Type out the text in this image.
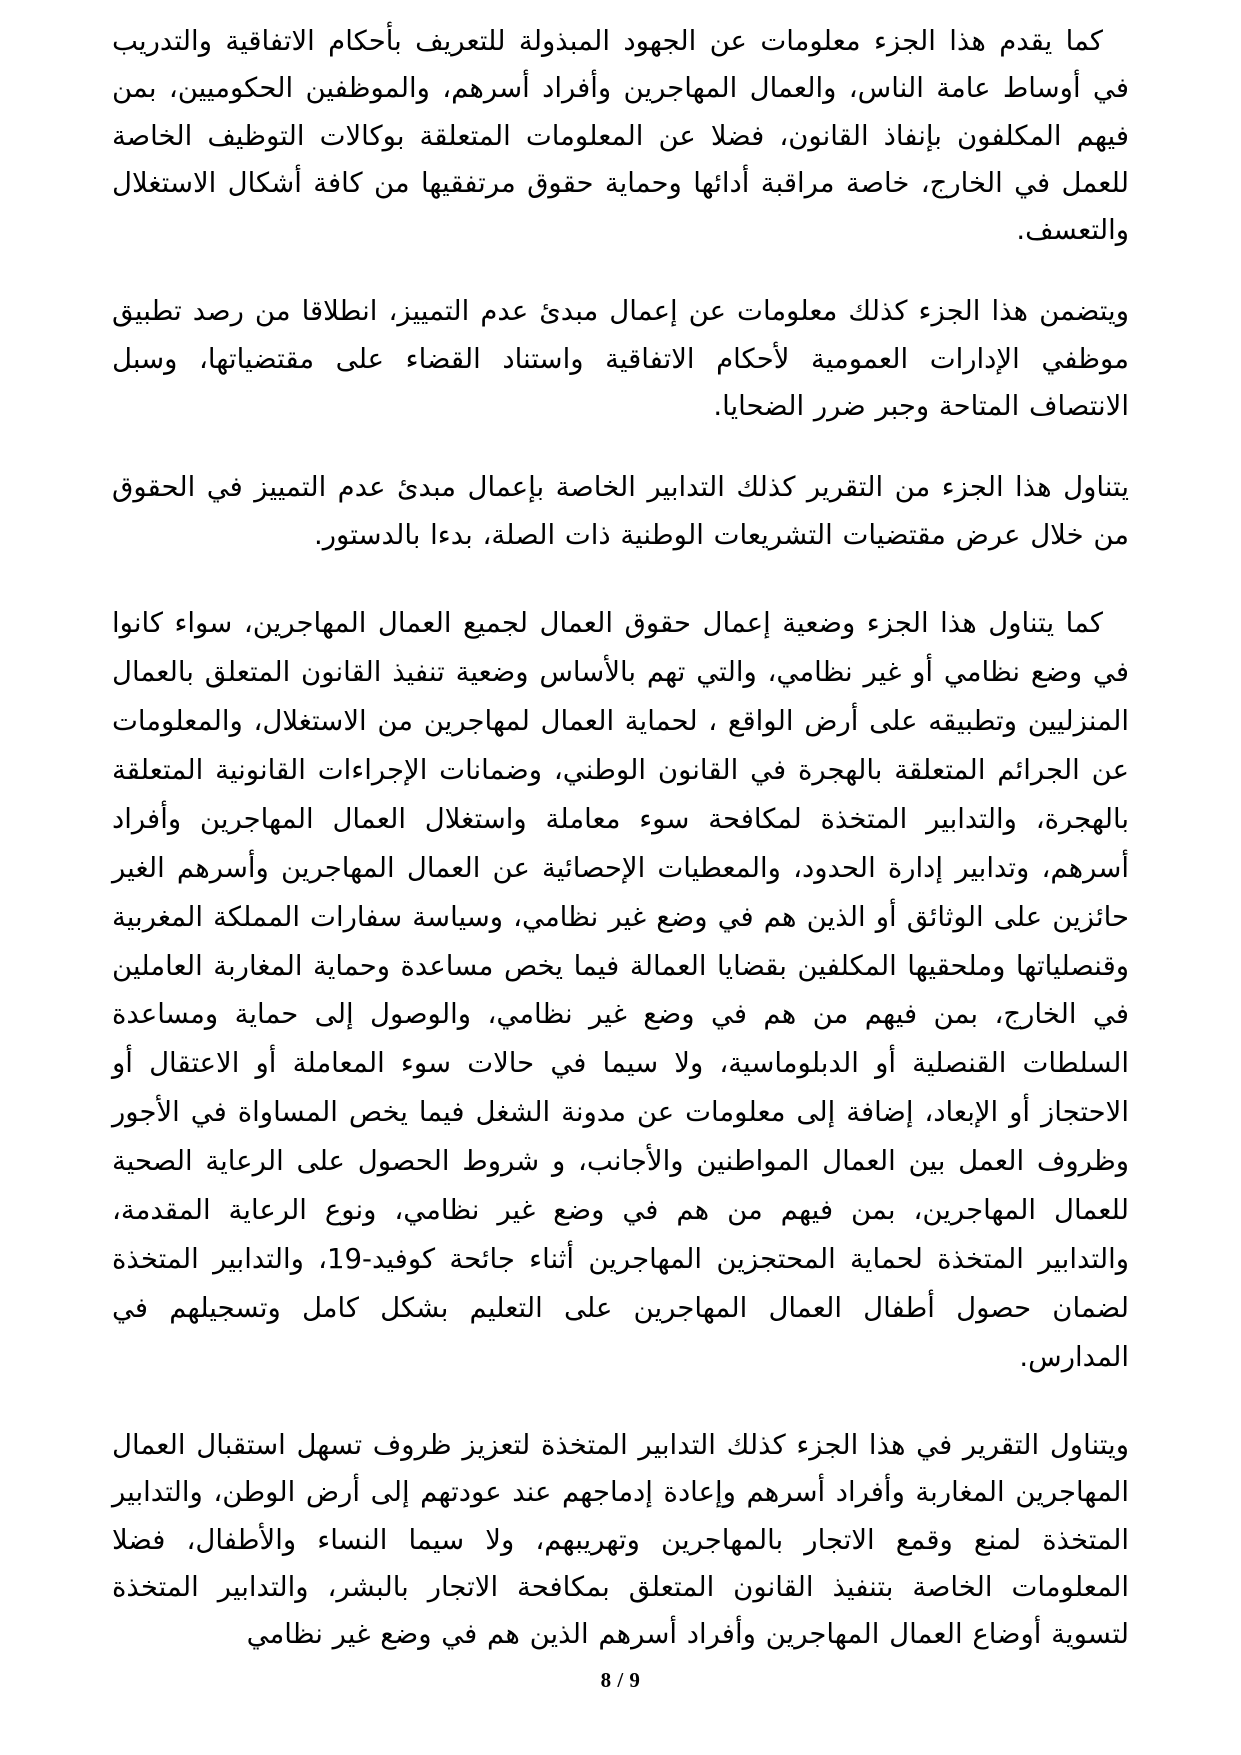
كما يقدم هذا الجزء معلومات عن الجهود المبذولة للتعريف بأحكام الاتفاقية والتدريب في أوساط عامة الناس، والعمال المهاجرين وأفراد أسرهم، والموظفين الحكوميين، بمن فيهم المكلفون بإنفاذ القانون، فضلا عن المعلومات المتعلقة بوكالات التوظيف الخاصة للعمل في الخارج، خاصة مراقبة أدائها وحماية حقوق مرتفقيها من كافة أشكال الاستغلال والتعسف.

ويتضمن هذا الجزء كذلك معلومات عن إعمال مبدئ عدم التمييز، انطلاقا من رصد تطبيق موظفي الإدارات العمومية لأحكام الاتفاقية واستناد القضاء على مقتضياتها، وسبل الانتصاف المتاحة وجبر ضرر الضحايا.

يتناول هذا الجزء من التقرير كذلك التدابير الخاصة بإعمال مبدئ عدم التمييز في الحقوق من خلال عرض مقتضيات التشريعات الوطنية ذات الصلة، بدءا بالدستور.

كما يتناول هذا الجزء وضعية إعمال حقوق العمال لجميع العمال المهاجرين، سواء كانوا في وضع نظامي أو غير نظامي، والتي تهم بالأساس وضعية تنفيذ القانون المتعلق بالعمال المنزليين وتطبيقه على أرض الواقع ، لحماية العمال لمهاجرين من الاستغلال، والمعلومات عن الجرائم المتعلقة بالهجرة في القانون الوطني، وضمانات الإجراءات القانونية المتعلقة بالهجرة، والتدابير المتخذة لمكافحة سوء معاملة واستغلال العمال المهاجرين وأفراد أسرهم، وتدابير إدارة الحدود، والمعطيات الإحصائية عن العمال المهاجرين وأسرهم الغير حائزين على الوثائق أو الذين هم في وضع غير نظامي، وسياسة سفارات المملكة المغربية وقنصلياتها وملحقيها المكلفين بقضايا العمالة فيما يخص مساعدة وحماية المغاربة العاملين في الخارج، بمن فيهم من هم في وضع غير نظامي، والوصول إلى حماية ومساعدة السلطات القنصلية أو الدبلوماسية، ولا سيما في حالات سوء المعاملة أو الاعتقال أو الاحتجاز أو الإبعاد، إضافة إلى معلومات عن مدونة الشغل فيما يخص المساواة في الأجور وظروف العمل بين العمال المواطنين والأجانب، و شروط الحصول على الرعاية الصحية للعمال المهاجرين، بمن فيهم من هم في وضع غير نظامي، ونوع الرعاية المقدمة، والتدابير المتخذة لحماية المحتجزين المهاجرين أثناء جائحة كوفيد-19، والتدابير المتخذة لضمان حصول أطفال العمال المهاجرين على التعليم بشكل كامل وتسجيلهم في المدارس.

ويتناول التقرير في هذا الجزء كذلك التدابير المتخذة لتعزيز ظروف تسهل استقبال العمال المهاجرين المغاربة وأفراد أسرهم وإعادة إدماجهم عند عودتهم إلى أرض الوطن، والتدابير المتخذة لمنع وقمع الاتجار بالمهاجرين وتهريبهم، ولا سيما النساء والأطفال، فضلا المعلومات الخاصة بتنفيذ القانون المتعلق بمكافحة الاتجار بالبشر، والتدابير المتخذة لتسوية أوضاع العمال المهاجرين وأفراد أسرهم الذين هم في وضع غير نظامي

8 / 9
